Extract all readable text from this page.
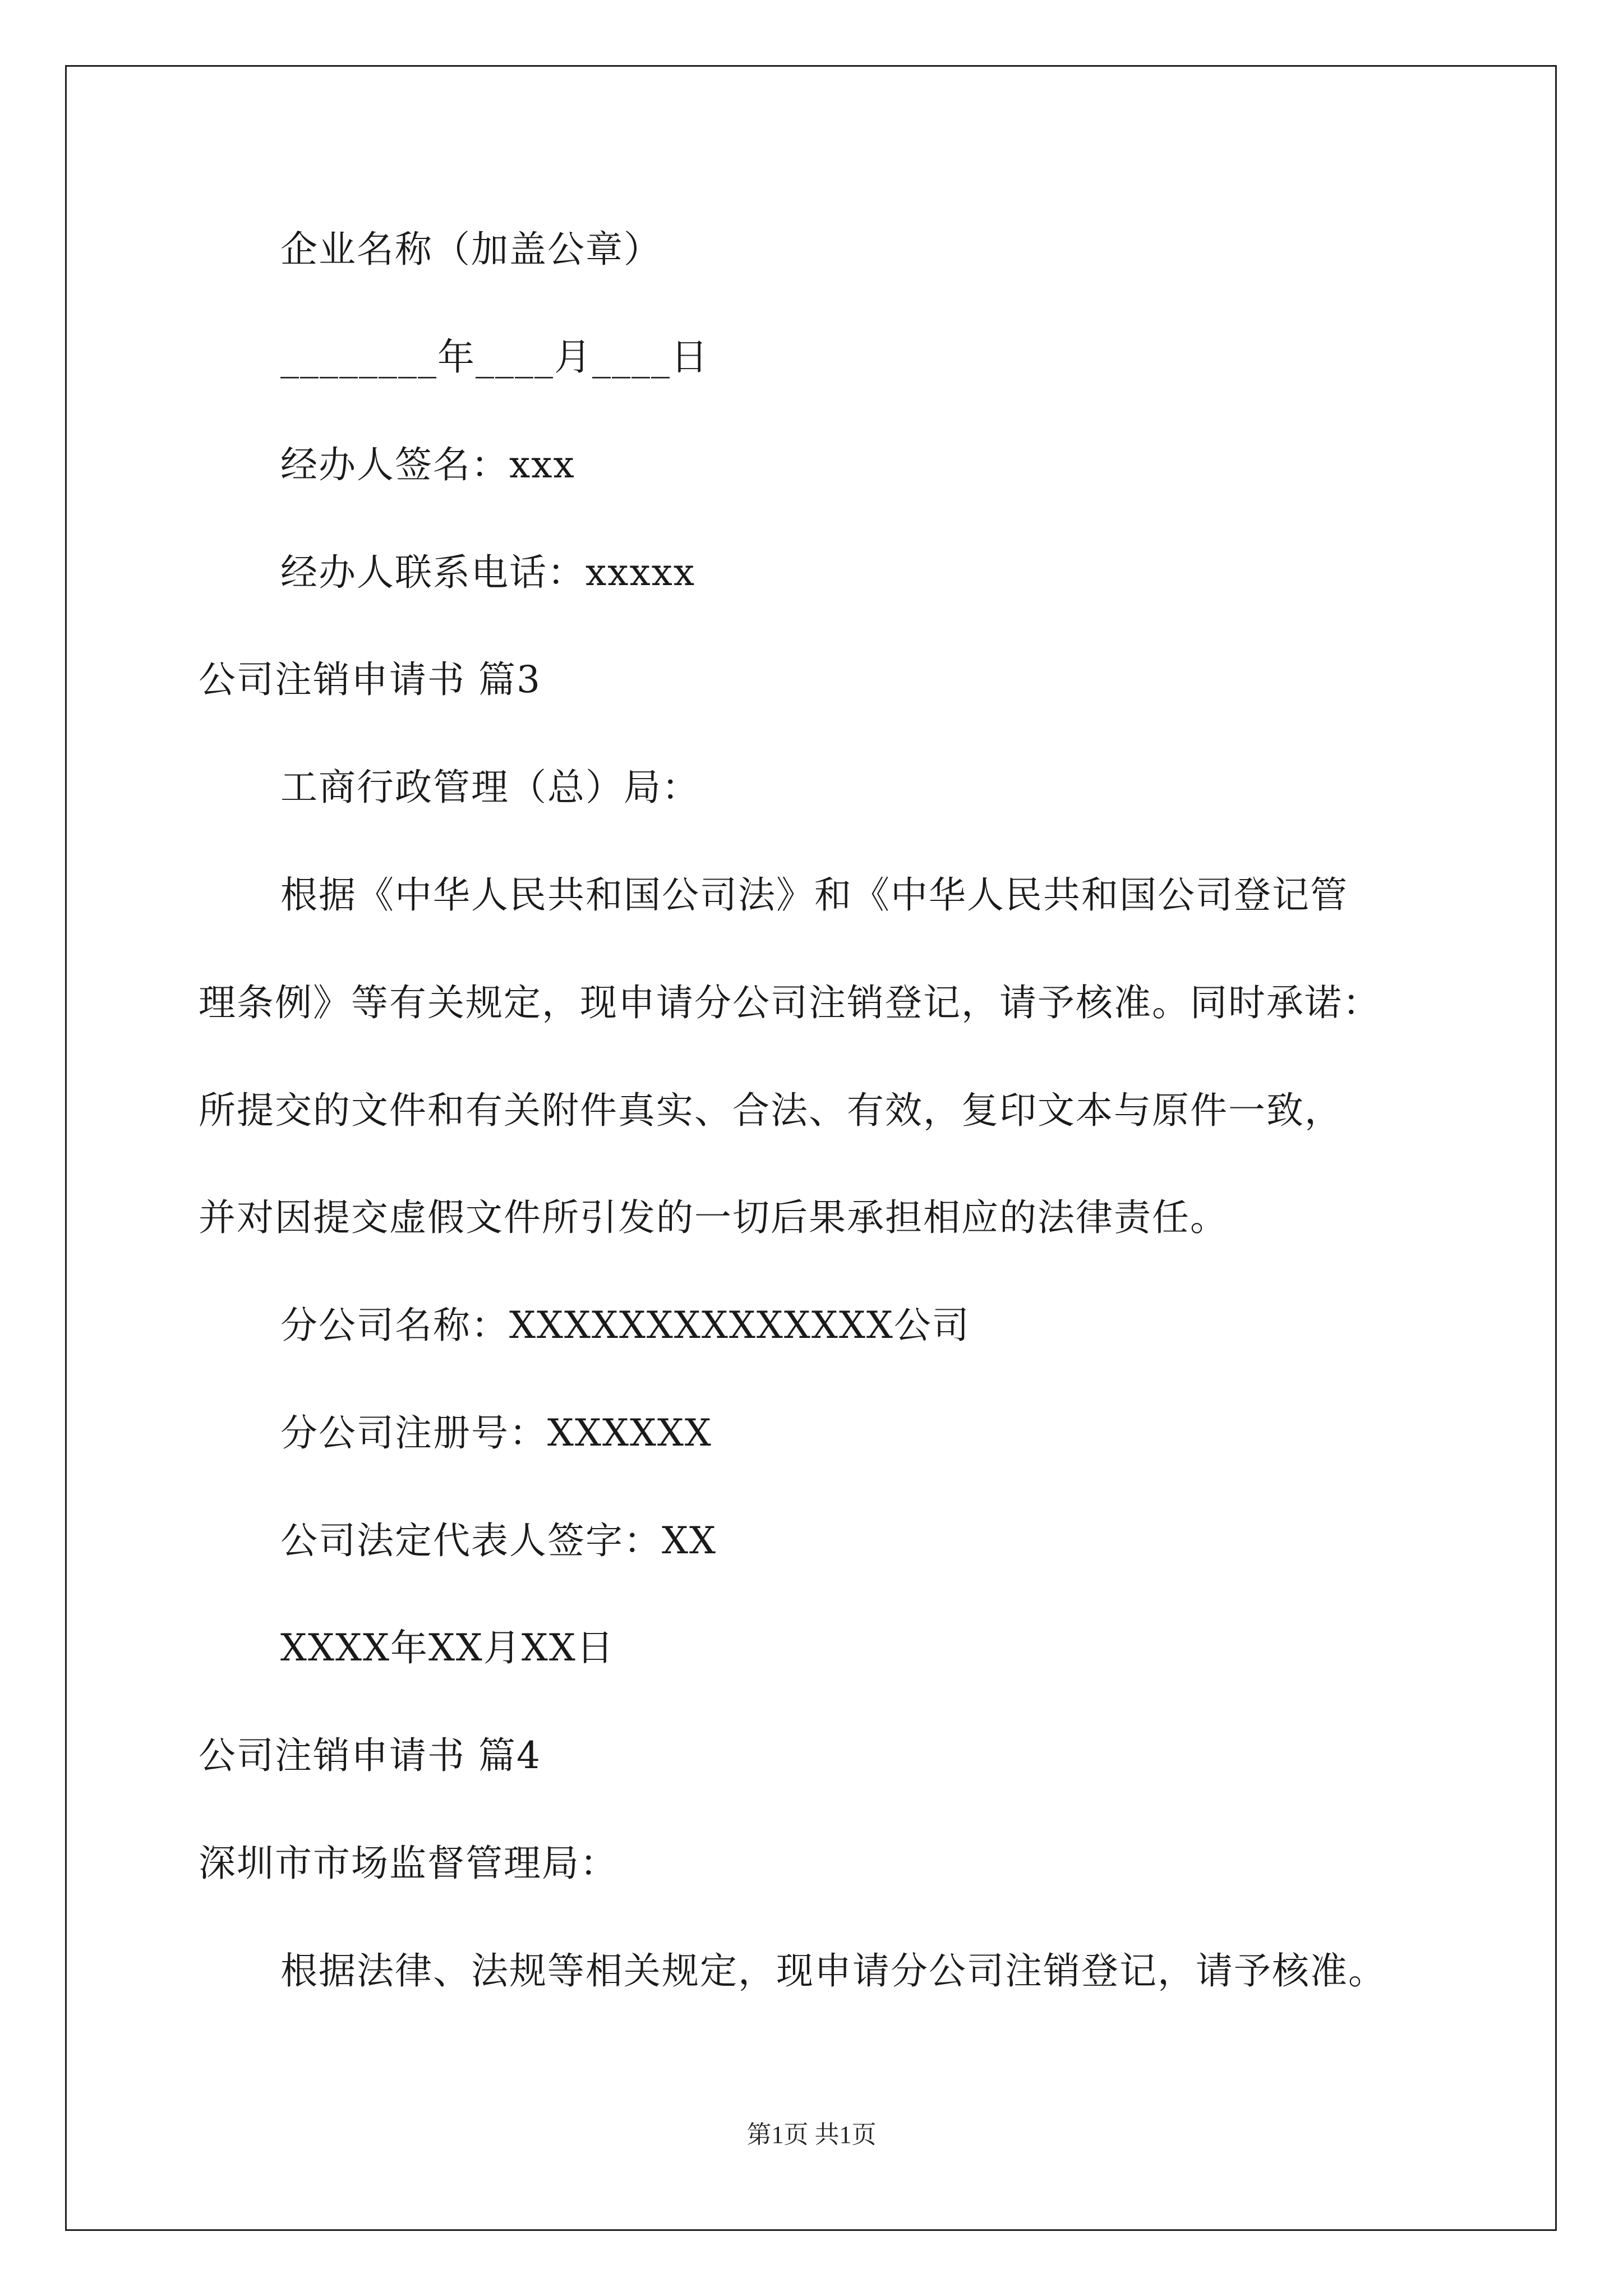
企业名称（加盖公章）
________年____月____日
经办人签名：xxx
经办人联系电话：xxxxx
公司注销申请书 篇3
工商行政管理（总）局：
根据《中华人民共和国公司法》和《中华人民共和国公司登记管
理条例》等有关规定，现申请分公司注销登记，请予核准。同时承诺：
所提交的文件和有关附件真实、合法、有效，复印文本与原件一致，
并对因提交虚假文件所引发的一切后果承担相应的法律责任。
分公司名称：XXXXXXXXXXXXXX公司
分公司注册号：XXXXXX
公司法定代表人签字：XX
XXXX年XX月XX日
公司注销申请书 篇4
深圳市市场监督管理局：
根据法律、法规等相关规定，现申请分公司注销登记，请予核准。
第1页 共1页
